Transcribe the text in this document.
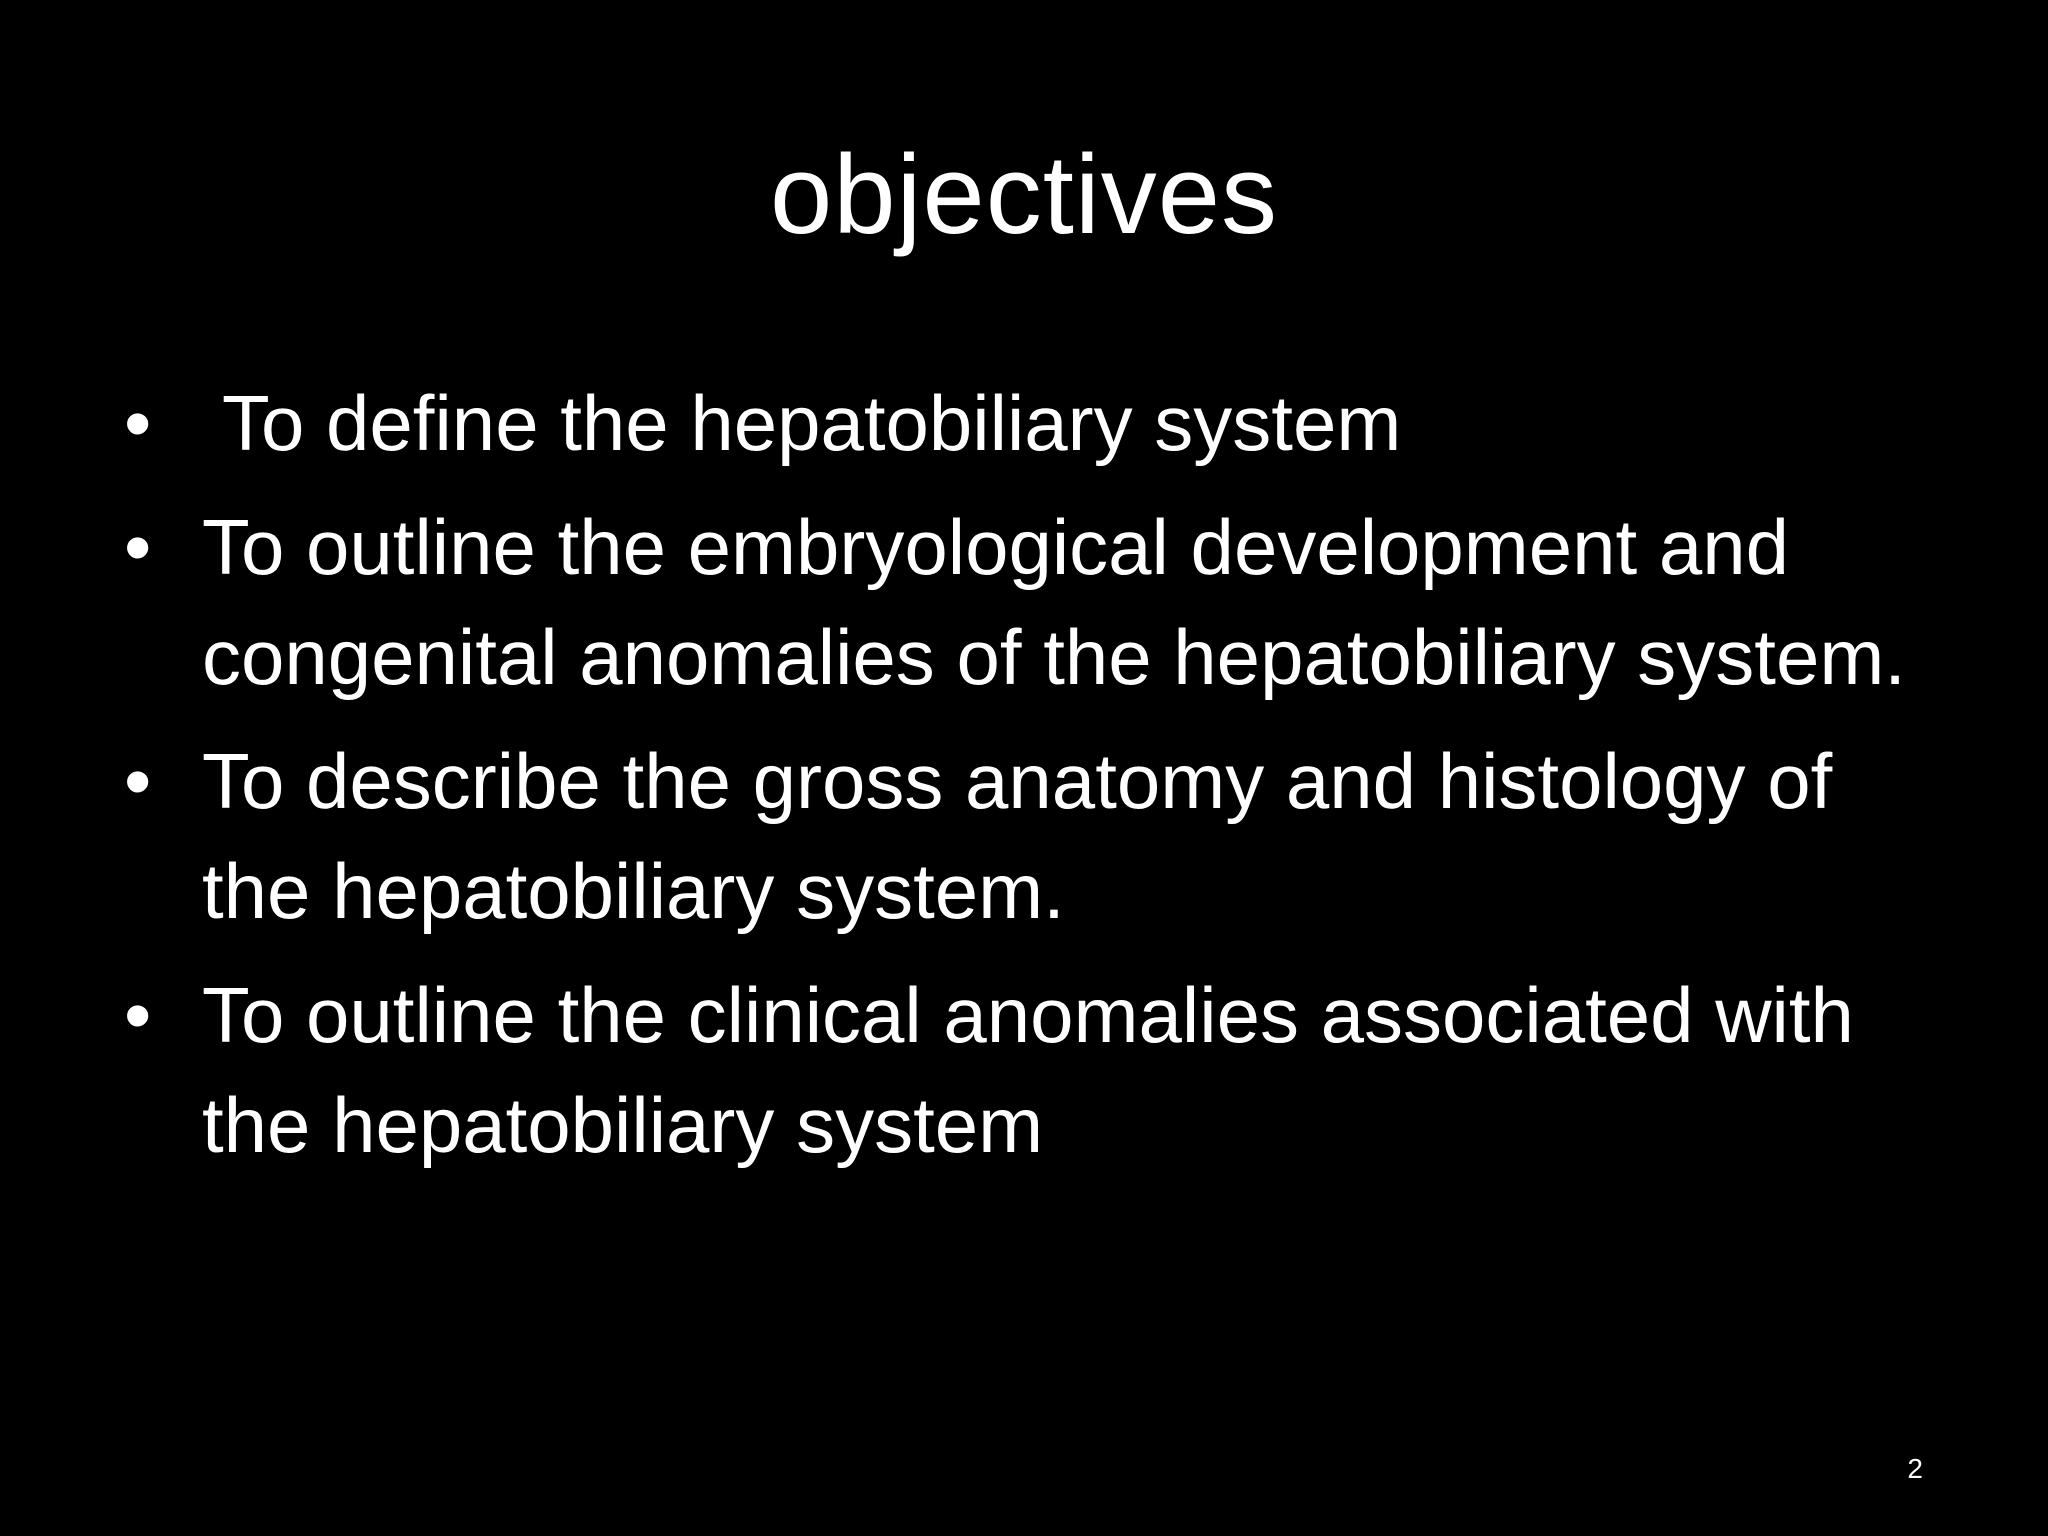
objectives
• To define the hepatobiliary system
• To outline the embryological development and congenital anomalies of the hepatobiliary system.
• To describe the gross anatomy and histology of the hepatobiliary system.
• To outline the clinical anomalies associated with the hepatobiliary system
2
